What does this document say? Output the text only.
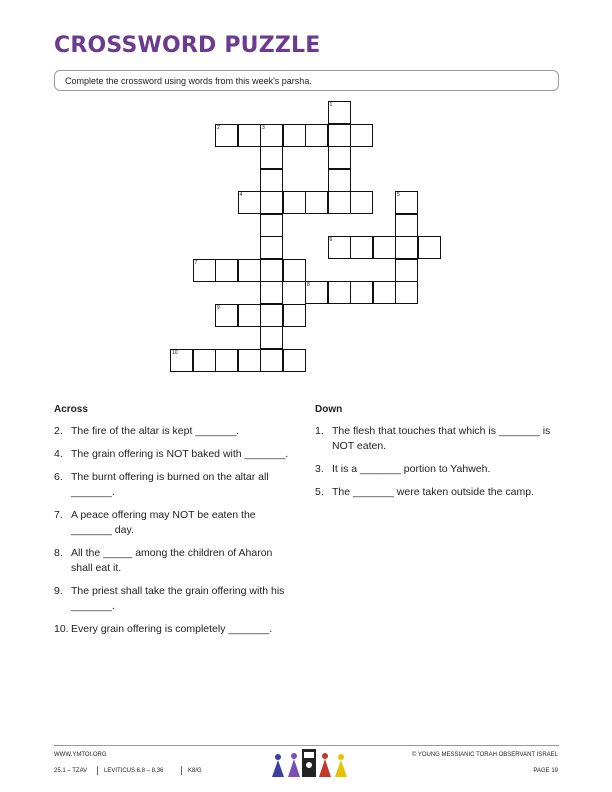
CROSSWORD PUZZLE
Complete the crossword using words from this week's parsha.
1
2	3
4	5
6
7
8
9
10
Across
2. The fire of the altar is kept _______.
4. The grain offering is NOT baked with _______.
6. The burnt offering is burned on the altar all _______.
7. A peace offering may NOT be eaten the _______ day.
8. All the _____ among the children of Aharon shall eat it.
9. The priest shall take the grain offering with his _______.
10. Every grain offering is completely _______.
Down
1. The flesh that touches that which is _______ is NOT eaten.
3. It is a _______ portion to Yahweh.
5. The _______ were taken outside the camp.
WWW.YMTOI.ORG
25.1 – TZAV	LEVITICUS 6.8 – 8.36	K8/G
© YOUNG MESSIANIC TORAH OBSERVANT ISRAEL
PAGE 19
